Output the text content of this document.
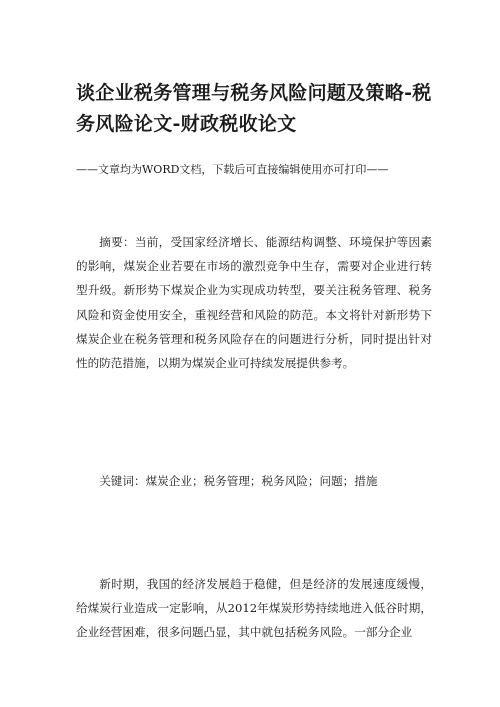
谈企业税务管理与税务风险问题及策略-税务风险论文-财政税收论文

——文章均为WORD文档，下载后可直接编辑使用亦可打印——

摘要：当前，受国家经济增长、能源结构调整、环境保护等因素的影响，煤炭企业若要在市场的激烈竞争中生存，需要对企业进行转型升级。新形势下煤炭企业为实现成功转型，要关注税务管理、税务风险和资金使用安全，重视经营和风险的防范。本文将针对新形势下煤炭企业在税务管理和税务风险存在的问题进行分析，同时提出针对性的防范措施，以期为煤炭企业可持续发展提供参考。

关键词：煤炭企业；税务管理；税务风险；问题；措施

新时期，我国的经济发展趋于稳健，但是经济的发展速度缓慢，给煤炭行业造成一定影响，从2012年煤炭形势持续地进入低谷时期，企业经营困难，很多问题凸显，其中就包括税务风险。一部分企业
